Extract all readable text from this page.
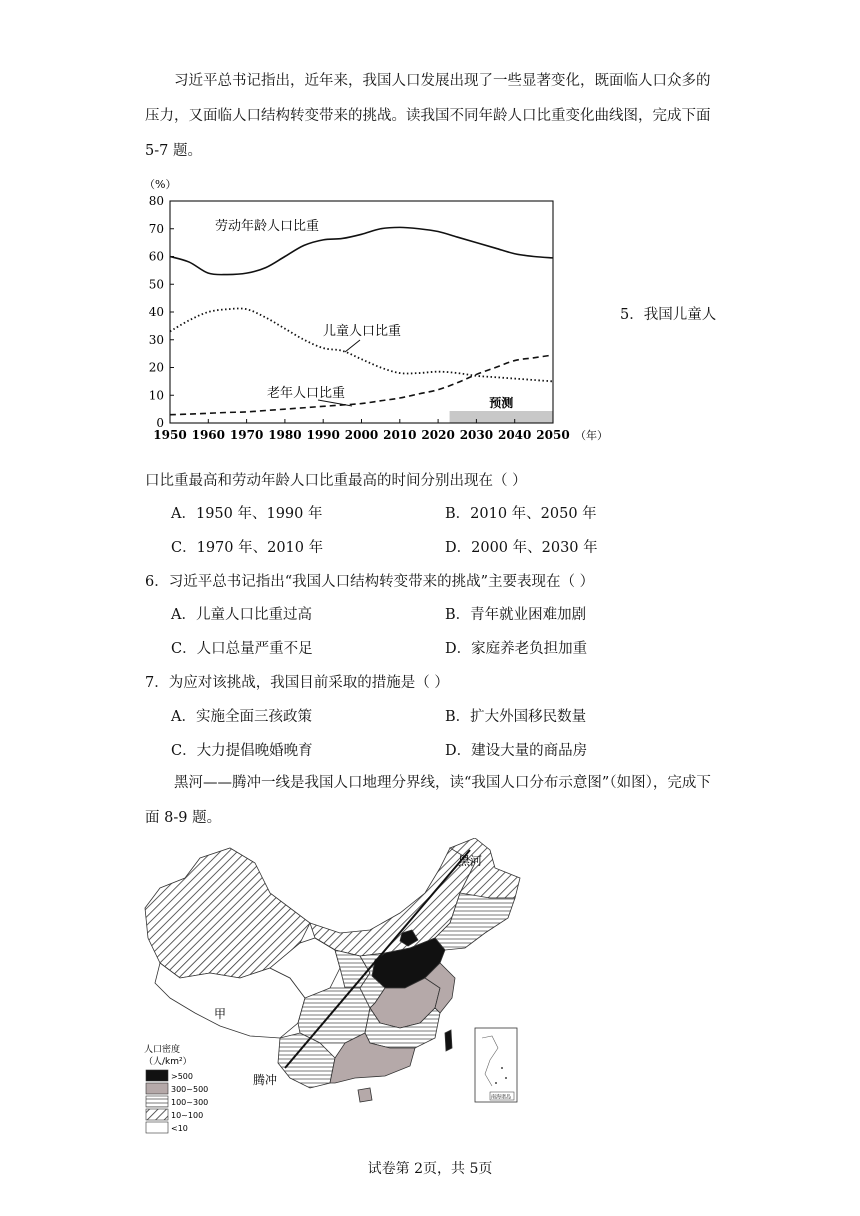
习近平总书记指出，近年来，我国人口发展出现了一些显著变化，既面临人口众多的压力，又面临人口结构转变带来的挑战。读我国不同年龄人口比重变化曲线图，完成下面 5-7 题。

预测
0
10
20
30
40
50
60
70
80
1950 1960 1970 1980 1990 2000 2010 2020 2030 2040 2050
（%）
（年）
劳动年龄人口比重
儿童人口比重
老年人口比重
5．我国儿童人
口比重最高和劳动年龄人口比重最高的时间分别出现在（ ）
A．1950 年、1990 年	B．2010 年、2050 年
C．1970 年、2010 年	D．2000 年、2030 年
6．习近平总书记指出“我国人口结构转变带来的挑战”主要表现在（ ）
A．儿童人口比重过高	B．青年就业困难加剧
C．人口总量严重不足	D．家庭养老负担加重
7．为应对该挑战，我国目前采取的措施是（ ）
A．实施全面三孩政策	B．扩大外国移民数量
C．大力提倡晚婚晚育	D．建设大量的商品房

黑河——腾冲一线是我国人口地理分界线，读“我国人口分布示意图”（如图），完成下面 8-9 题。

黑河
腾冲
甲
人口密度
（人/km²）
>500
300~500
100~300
10~100
<10
南海诸岛
试卷第 2页，共 5页
